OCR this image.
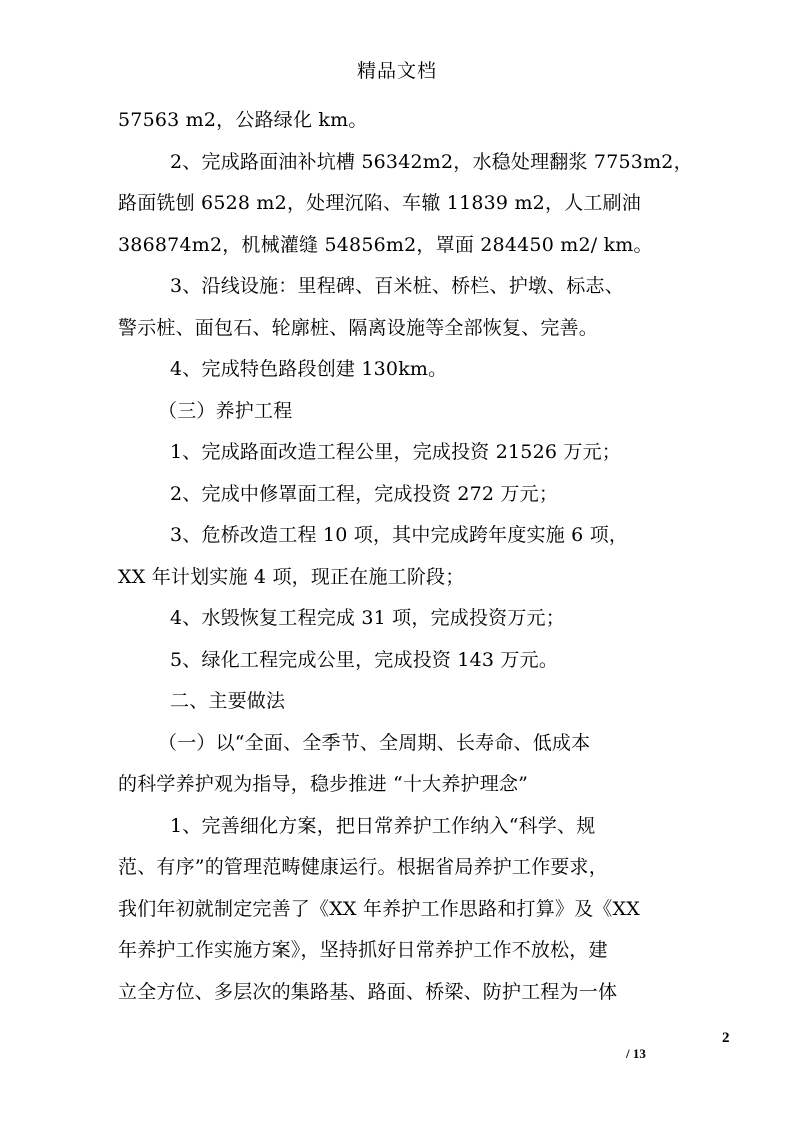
精品文档
57563 m2，公路绿化 km。
2、完成路面油补坑槽 56342m2，水稳处理翻浆 7753m2，
路面铣刨 6528 m2，处理沉陷、车辙 11839 m2，人工刷油
386874m2，机械灌缝 54856m2，罩面 284450 m2/ km。
3、沿线设施：里程碑、百米桩、桥栏、护墩、标志、
警示桩、面包石、轮廓桩、隔离设施等全部恢复、完善。
4、完成特色路段创建 130km。
（三）养护工程
1、完成路面改造工程公里，完成投资 21526 万元；
2、完成中修罩面工程，完成投资 272 万元；
3、危桥改造工程 10 项，其中完成跨年度实施 6 项，
XX 年计划实施 4 项，现正在施工阶段；
4、水毁恢复工程完成 31 项，完成投资万元；
5、绿化工程完成公里，完成投资 143 万元。
二、主要做法
（一）以“全面、全季节、全周期、长寿命、低成本
的科学养护观为指导，稳步推进 “十大养护理念”
1、完善细化方案，把日常养护工作纳入“科学、规
范、有序”的管理范畴健康运行。根据省局养护工作要求，
我们年初就制定完善了《XX 年养护工作思路和打算》及《XX
年养护工作实施方案》，坚持抓好日常养护工作不放松，建
立全方位、多层次的集路基、路面、桥梁、防护工程为一体
2
/ 13
